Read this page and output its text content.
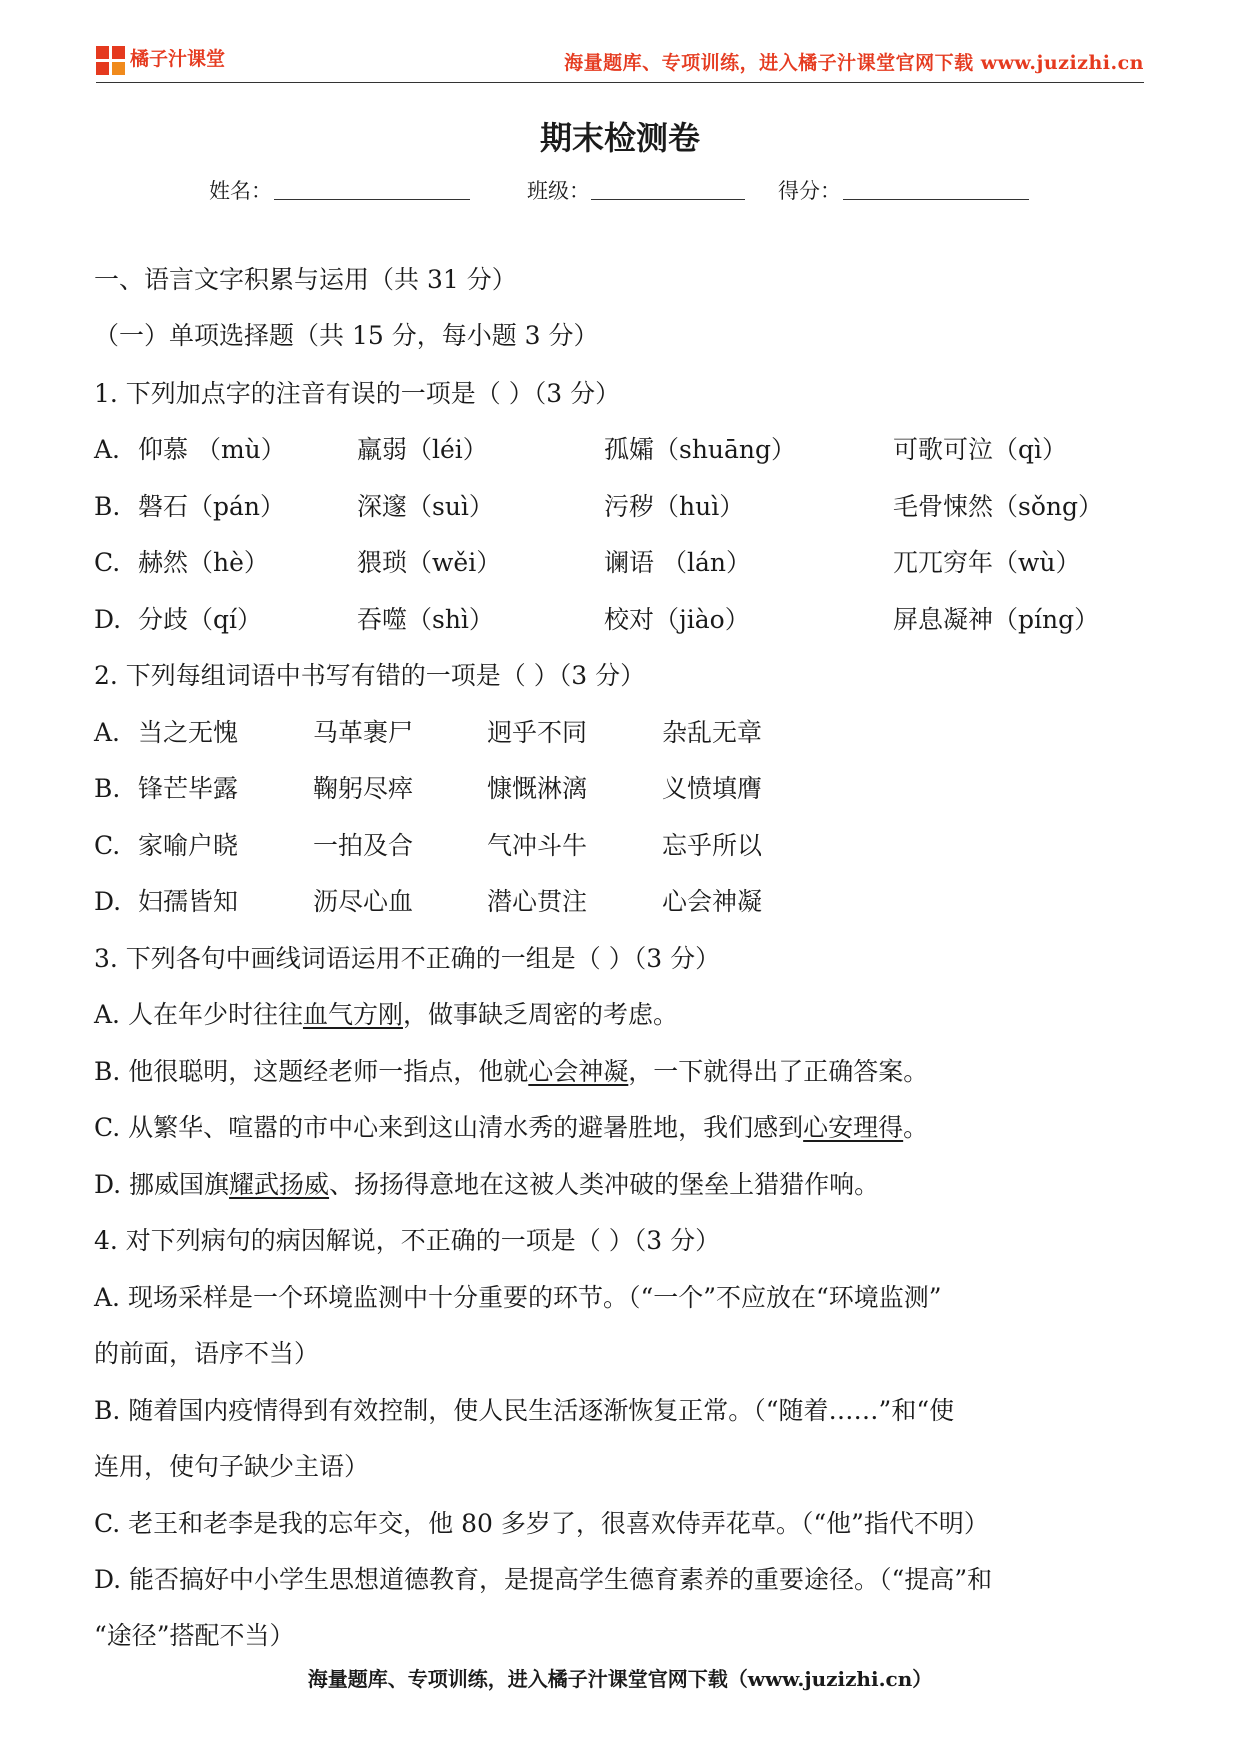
橘子汁课堂	海量题库、专项训练，进入橘子汁课堂官网下载 www.juzizhi.cn
期末检测卷
姓名：	班级：	得分：
一、语言文字积累与运用（共 31 分）
（一）单项选择题（共 15 分，每小题 3 分）
1. 下列加点字的注音有误的一项是（ ）（3 分）
A. 仰慕 （mù）	羸弱（léi）	孤孀（shuāng）	可歌可泣（qì）
B. 磐石（pán）	深邃（suì）	污秽（huì）	毛骨悚然（sǒng）
C. 赫然（hè）	猥琐（wěi）	谰语 （lán）	兀兀穷年（wù）
D. 分歧（qí）	吞噬（shì）	校对（jiào）	屏息凝神（píng）
2. 下列每组词语中书写有错的一项是（ ）（3 分）
A. 当之无愧	马革裹尸	迥乎不同	杂乱无章
B. 锋芒毕露	鞠躬尽瘁	慷慨淋漓	义愤填膺
C. 家喻户晓	一拍及合	气冲斗牛	忘乎所以
D. 妇孺皆知	沥尽心血	潜心贯注	心会神凝
3. 下列各句中画线词语运用不正确的一组是（ ）（3 分）
A. 人在年少时往往血气方刚，做事缺乏周密的考虑。
B. 他很聪明，这题经老师一指点，他就心会神凝，一下就得出了正确答案。
C. 从繁华、喧嚣的市中心来到这山清水秀的避暑胜地，我们感到心安理得。
D. 挪威国旗耀武扬威、扬扬得意地在这被人类冲破的堡垒上猎猎作响。
4. 对下列病句的病因解说，不正确的一项是（ ）（3 分）
A. 现场采样是一个环境监测中十分重要的环节。（“一个”不应放在“环境监测”
的前面，语序不当）
B. 随着国内疫情得到有效控制，使人民生活逐渐恢复正常。（“随着……”和“使
连用，使句子缺少主语）
C. 老王和老李是我的忘年交，他 80 多岁了，很喜欢侍弄花草。（“他”指代不明）
D. 能否搞好中小学生思想道德教育，是提高学生德育素养的重要途径。（“提高”和
“途径”搭配不当）
海量题库、专项训练，进入橘子汁课堂官网下载（www.juzizhi.cn）
